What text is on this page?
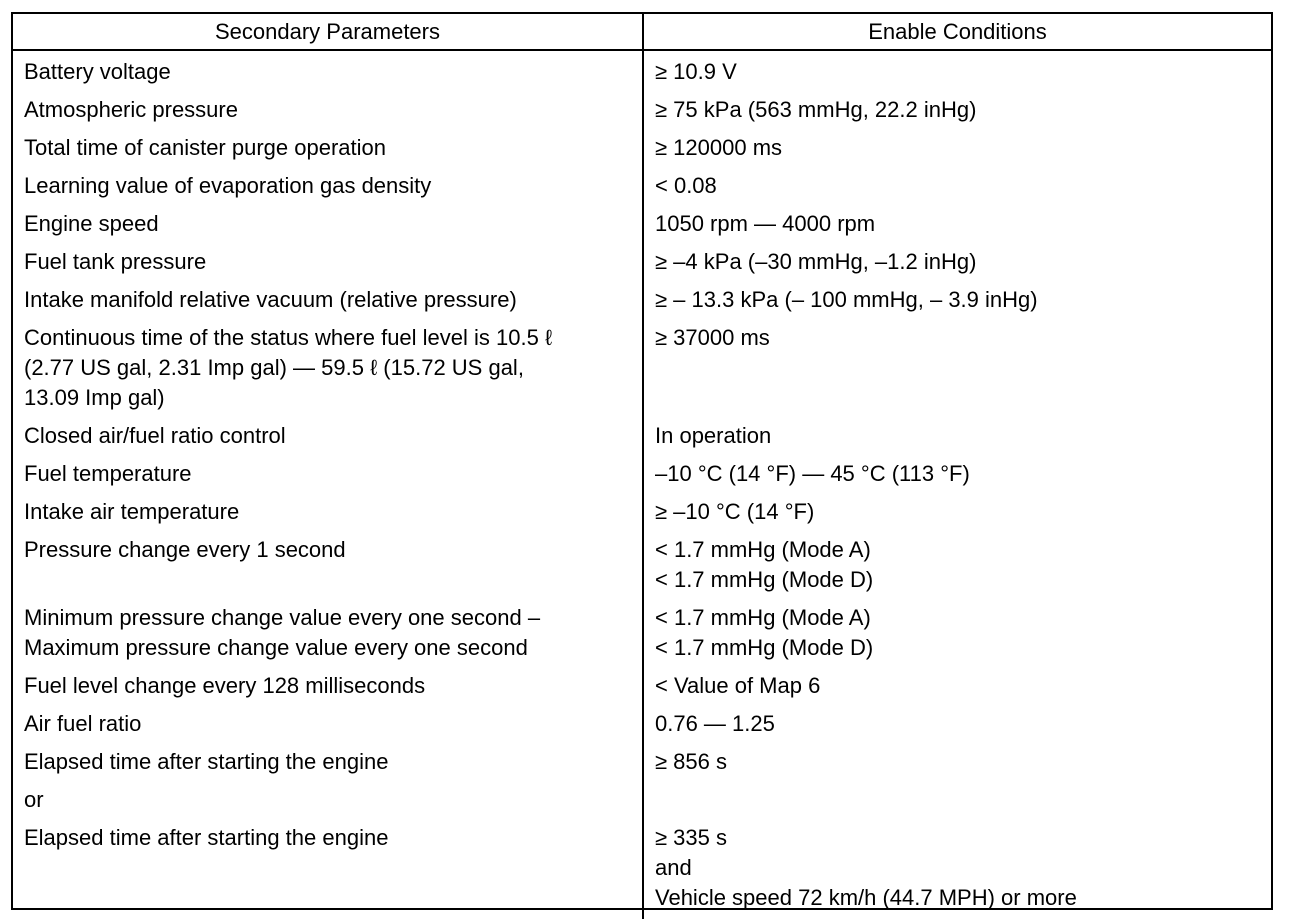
Secondary Parameters	Enable Conditions

Battery voltage	≥ 10.9 V

Atmospheric pressure	≥ 75 kPa (563 mmHg, 22.2 inHg)

Total time of canister purge operation	≥ 120000 ms

Learning value of evaporation gas density	< 0.08

Engine speed	1050 rpm — 4000 rpm

Fuel tank pressure	≥ –4 kPa (–30 mmHg, –1.2 inHg)

Intake manifold relative vacuum (relative pressure)	≥ – 13.3 kPa (– 100 mmHg, – 3.9 inHg)

Continuous time of the status where fuel level is 10.5 ℓ
(2.77 US gal, 2.31 Imp gal) — 59.5 ℓ (15.72 US gal,
13.09 Imp gal)	≥ 37000 ms

Closed air/fuel ratio control	In operation

Fuel temperature	–10 °C (14 °F) — 45 °C (113 °F)

Intake air temperature	≥ –10 °C (14 °F)

Pressure change every 1 second	< 1.7 mmHg (Mode A)
< 1.7 mmHg (Mode D)

Minimum pressure change value every one second –
Maximum pressure change value every one second	< 1.7 mmHg (Mode A)
< 1.7 mmHg (Mode D)

Fuel level change every 128 milliseconds	< Value of Map 6

Air fuel ratio	0.76 — 1.25

Elapsed time after starting the engine	≥ 856 s

or	

Elapsed time after starting the engine	≥ 335 s
and
Vehicle speed 72 km/h (44.7 MPH) or more
